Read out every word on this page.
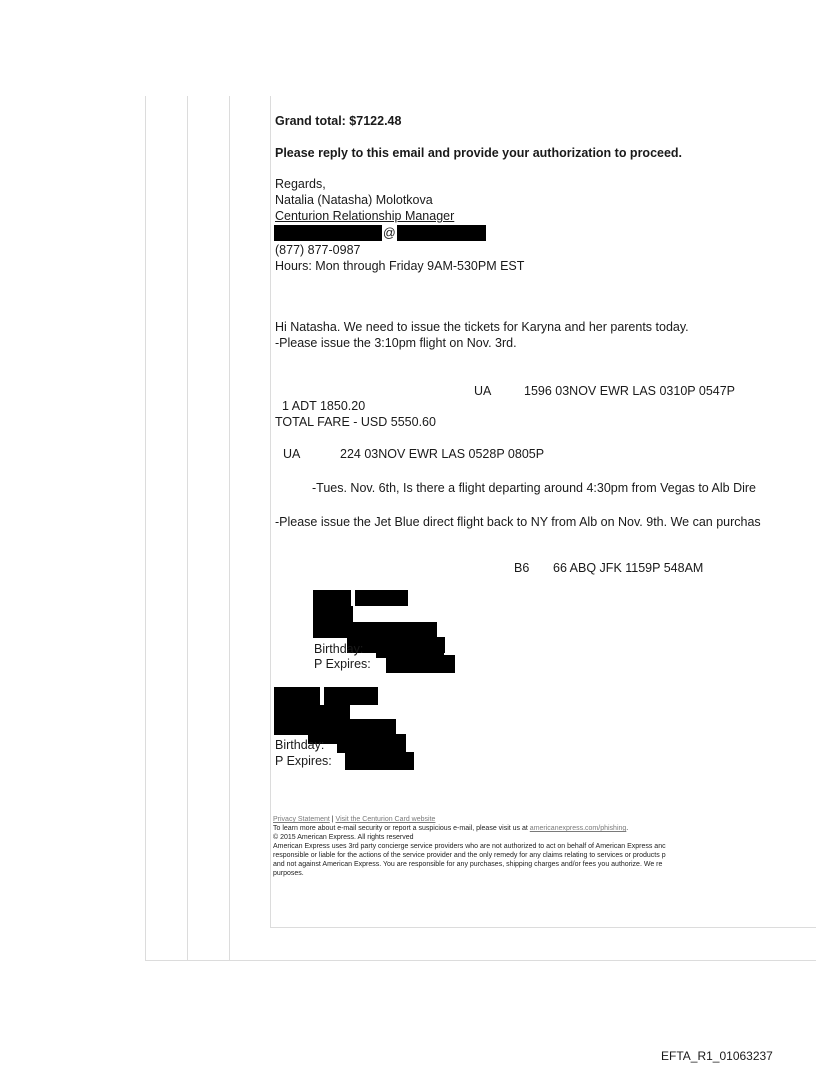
Grand total: $7122.48
Please reply to this email and provide your authorization to proceed.
Regards,
Natalia (Natasha) Molotkova
Centurion Relationship Manager
@
(877) 877-0987
Hours: Mon through Friday 9AM-530PM EST
Hi Natasha. We need to issue the tickets for Karyna and her parents today.
-Please issue the 3:10pm flight on Nov. 3rd.
UA	1596 03NOV EWR LAS 0310P 0547P
1 ADT 1850.20
TOTAL FARE - USD 5550.60
UA	224 03NOV EWR LAS 0528P 0805P
-Tues. Nov. 6th, Is there a flight departing around 4:30pm from Vegas to Alb Dire
-Please issue the Jet Blue direct flight back to NY from Alb on Nov. 9th. We can purchas
B6 66 ABQ JFK 1159P 548AM
Birthday:
P Expires:
Birthday:
P Expires:
Privacy Statement | Visit the Centurion Card website
To learn more about e-mail security or report a suspicious e-mail, please visit us at americanexpress.com/phishing.
© 2015 American Express. All rights reserved
American Express uses 3rd party concierge service providers who are not authorized to act on behalf of American Express anc
responsible or liable for the actions of the service provider and the only remedy for any claims relating to services or products p
and not against American Express. You are responsible for any purchases, shipping charges and/or fees you authorize. We re
purposes.
EFTA_R1_01063237
